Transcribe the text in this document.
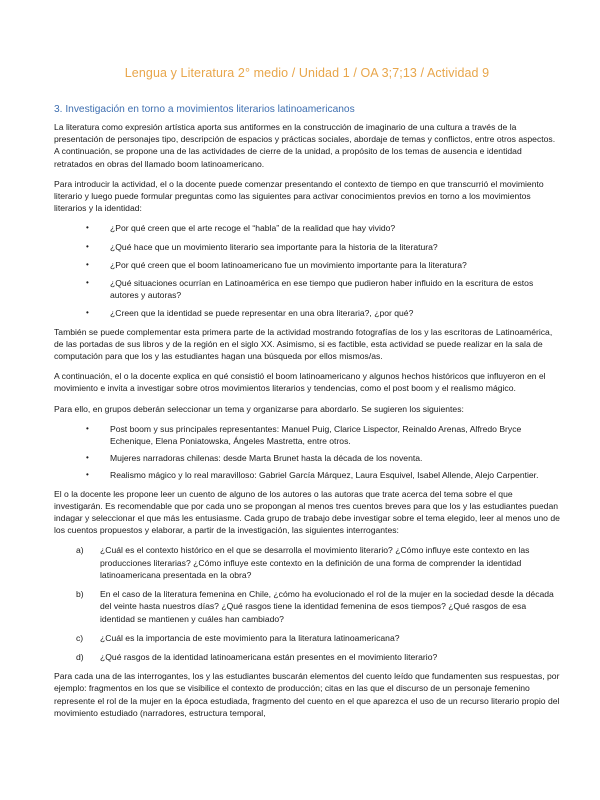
Lengua y Literatura 2° medio / Unidad 1 / OA 3;7;13 / Actividad 9
3. Investigación en torno a movimientos literarios latinoamericanos

La literatura como expresión artística aporta sus antiformes en la construcción de imaginario de una cultura a través de la presentación de personajes tipo, descripción de espacios y prácticas sociales, abordaje de temas y conflictos, entre otros aspectos. A continuación, se propone una de las actividades de cierre de la unidad, a propósito de los temas de ausencia e identidad retratados en obras del llamado boom latinoamericano.

Para introducir la actividad, el o la docente puede comenzar presentando el contexto de tiempo en que transcurrió el movimiento literario y luego puede formular preguntas como las siguientes para activar conocimientos previos en torno a los movimientos literarios y la identidad:

• ¿Por qué creen que el arte recoge el “habla” de la realidad que hay vivido?
• ¿Qué hace que un movimiento literario sea importante para la historia de la literatura?
• ¿Por qué creen que el boom latinoamericano fue un movimiento importante para la literatura?
• ¿Qué situaciones ocurrían en Latinoamérica en ese tiempo que pudieron haber influido en la escritura de estos autores y autoras?
• ¿Creen que la identidad se puede representar en una obra literaria?, ¿por qué?

También se puede complementar esta primera parte de la actividad mostrando fotografías de los y las escritoras de Latinoamérica, de las portadas de sus libros y de la región en el siglo XX. Asimismo, si es factible, esta actividad se puede realizar en la sala de computación para que los y las estudiantes hagan una búsqueda por ellos mismos/as.

A continuación, el o la docente explica en qué consistió el boom latinoamericano y algunos hechos históricos que influyeron en el movimiento e invita a investigar sobre otros movimientos literarios y tendencias, como el post boom y el realismo mágico.

Para ello, en grupos deberán seleccionar un tema y organizarse para abordarlo. Se sugieren los siguientes:

• Post boom y sus principales representantes: Manuel Puig, Clarice Lispector, Reinaldo Arenas, Alfredo Bryce Echenique, Elena Poniatowska, Ángeles Mastretta, entre otros.
• Mujeres narradoras chilenas: desde Marta Brunet hasta la década de los noventa.
• Realismo mágico y lo real maravilloso: Gabriel García Márquez, Laura Esquivel, Isabel Allende, Alejo Carpentier.

El o la docente les propone leer un cuento de alguno de los autores o las autoras que trate acerca del tema sobre el que investigarán. Es recomendable que por cada uno se propongan al menos tres cuentos breves para que los y las estudiantes puedan indagar y seleccionar el que más les entusiasme. Cada grupo de trabajo debe investigar sobre el tema elegido, leer al menos uno de los cuentos propuestos y elaborar, a partir de la investigación, las siguientes interrogantes:

a) ¿Cuál es el contexto histórico en el que se desarrolla el movimiento literario? ¿Cómo influye este contexto en las producciones literarias? ¿Cómo influye este contexto en la definición de una forma de comprender la identidad latinoamericana presentada en la obra?
b) En el caso de la literatura femenina en Chile, ¿cómo ha evolucionado el rol de la mujer en la sociedad desde la década del veinte hasta nuestros días? ¿Qué rasgos tiene la identidad femenina de esos tiempos? ¿Qué rasgos de esa identidad se mantienen y cuáles han cambiado?
c) ¿Cuál es la importancia de este movimiento para la literatura latinoamericana?
d) ¿Qué rasgos de la identidad latinoamericana están presentes en el movimiento literario?

Para cada una de las interrogantes, los y las estudiantes buscarán elementos del cuento leído que fundamenten sus respuestas, por ejemplo: fragmentos en los que se visibilice el contexto de producción; citas en las que el discurso de un personaje femenino represente el rol de la mujer en la época estudiada, fragmento del cuento en el que aparezca el uso de un recurso literario propio del movimiento estudiado (narradores, estructura temporal,
